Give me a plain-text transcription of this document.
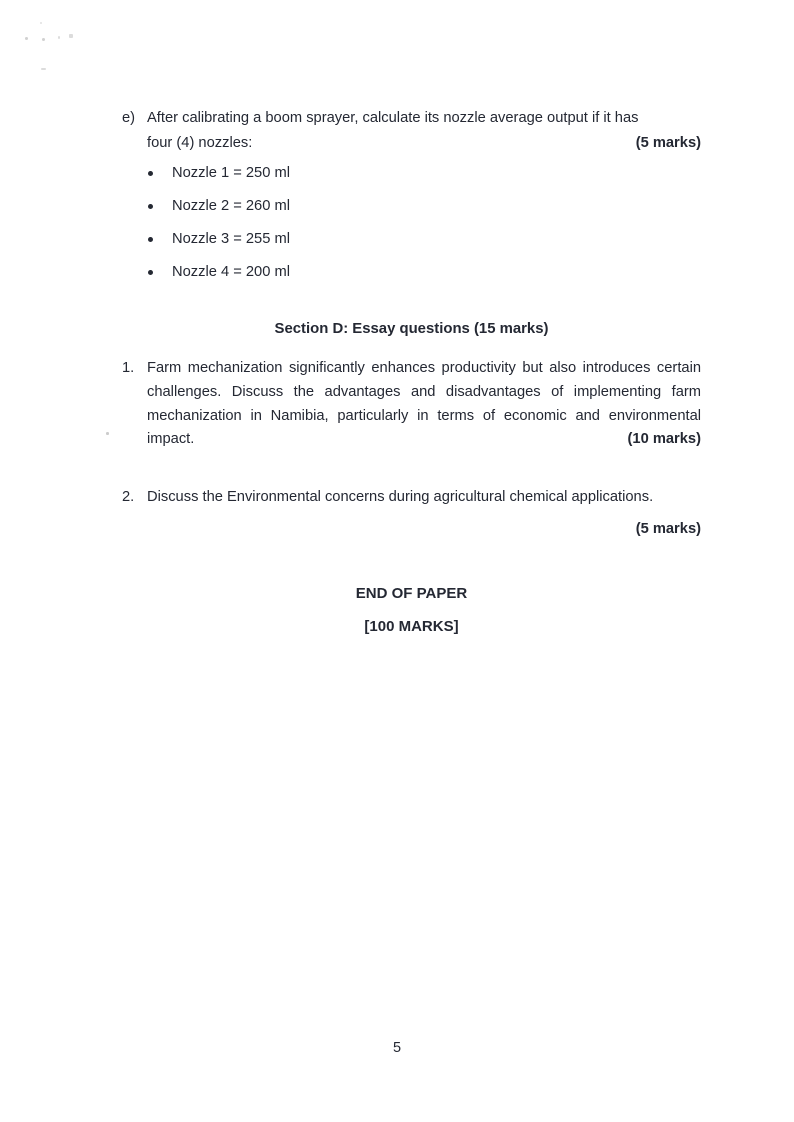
e) After calibrating a boom sprayer, calculate its nozzle average output if it has
four (4) nozzles:	(5 marks)
Nozzle 1 = 250 ml
Nozzle 2 = 260 ml
Nozzle 3 = 255 ml
Nozzle 4 = 200 ml
Section D: Essay questions (15 marks)
1. Farm mechanization significantly enhances productivity but also introduces certain challenges. Discuss the advantages and disadvantages of implementing farm mechanization in Namibia, particularly in terms of economic and environmental impact.	(10 marks)
2. Discuss the Environmental concerns during agricultural chemical applications.
(5 marks)
END OF PAPER
[100 MARKS]
5
